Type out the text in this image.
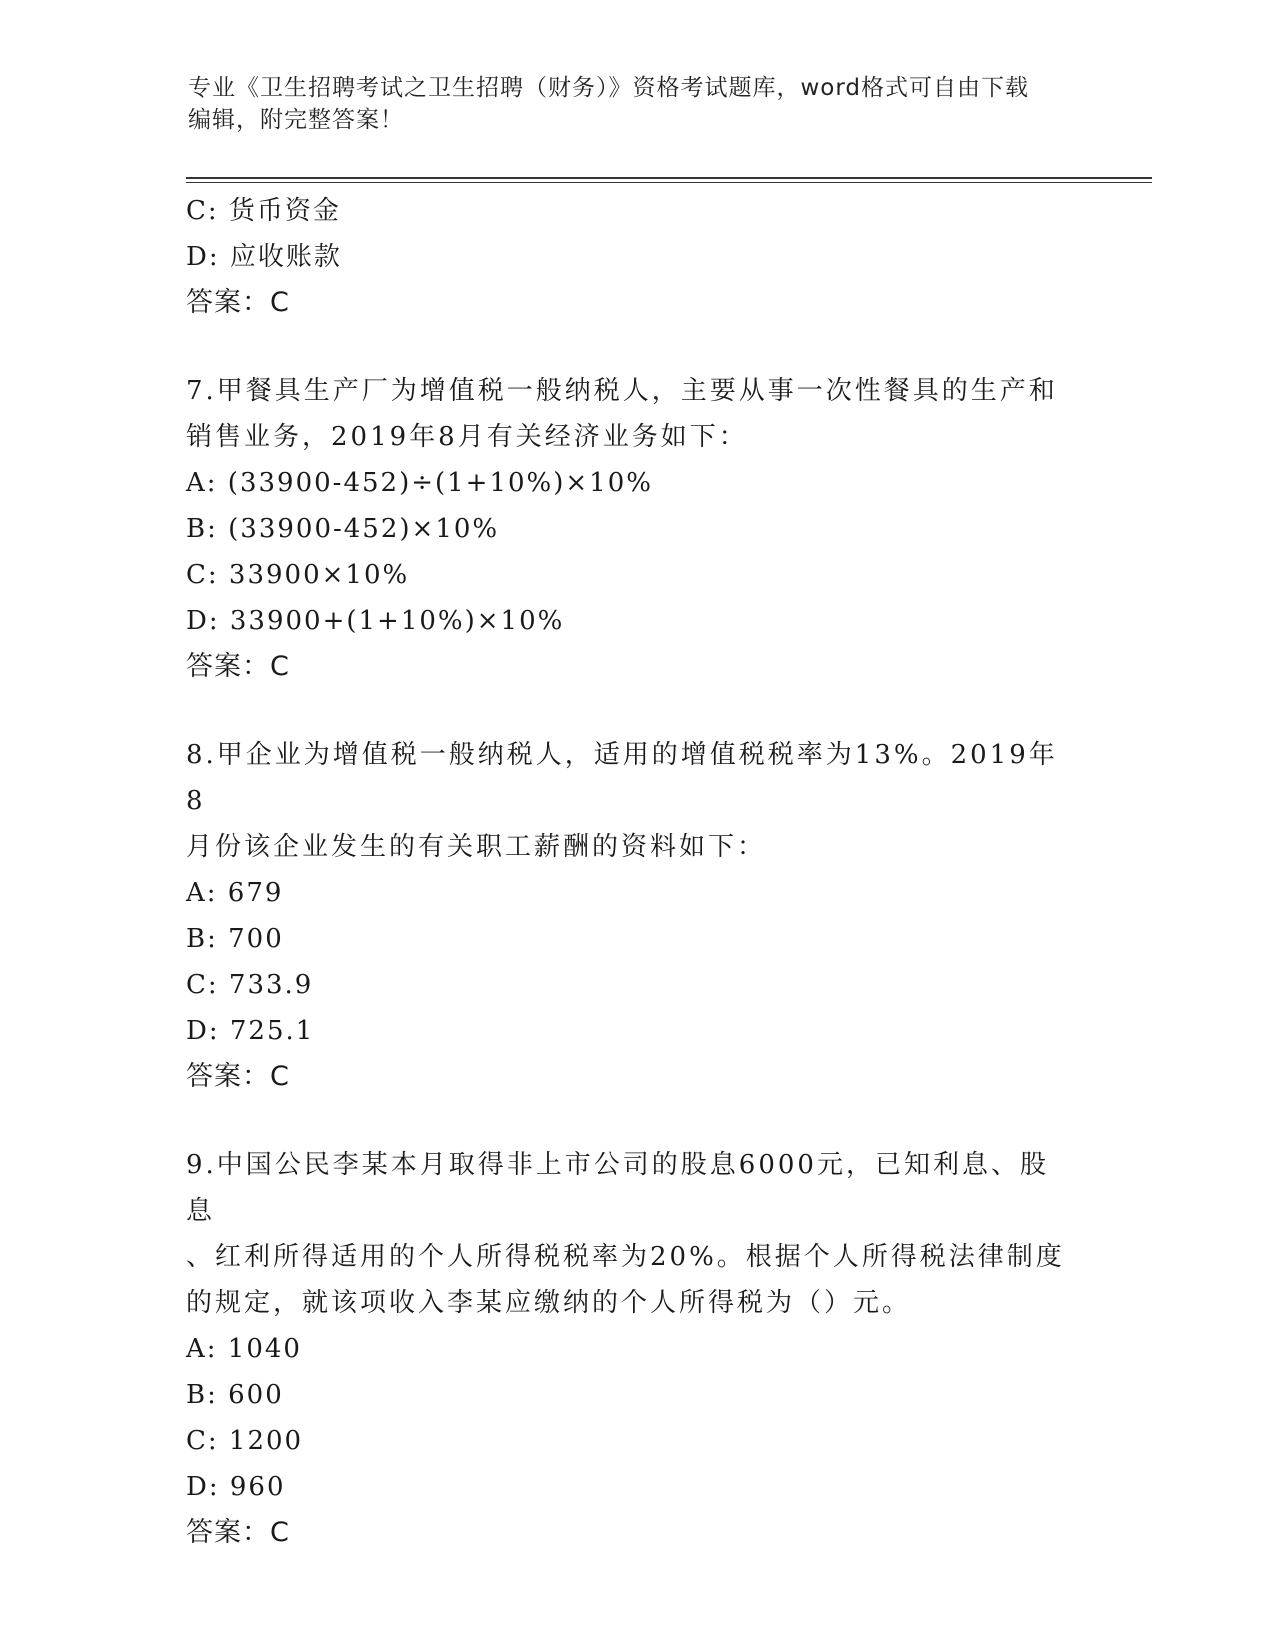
专业《卫生招聘考试之卫生招聘（财务）》资格考试题库，word格式可自由下载
编辑，附完整答案！
C: 货币资金
D: 应收账款
答案：C
7.甲餐具生产厂为增值税一般纳税人，主要从事一次性餐具的生产和
销售业务，2019年8月有关经济业务如下：
A: (33900-452)÷(1+10%)×10%
B: (33900-452)×10%
C: 33900×10%
D: 33900+(1+10%)×10%
答案：C
8.甲企业为增值税一般纳税人，适用的增值税税率为13%。2019年8
月份该企业发生的有关职工薪酬的资料如下：
A: 679
B: 700
C: 733.9
D: 725.1
答案：C
9.中国公民李某本月取得非上市公司的股息6000元，已知利息、股息
、红利所得适用的个人所得税税率为20%。根据个人所得税法律制度
的规定，就该项收入李某应缴纳的个人所得税为（）元。
A: 1040
B: 600
C: 1200
D: 960
答案：C
